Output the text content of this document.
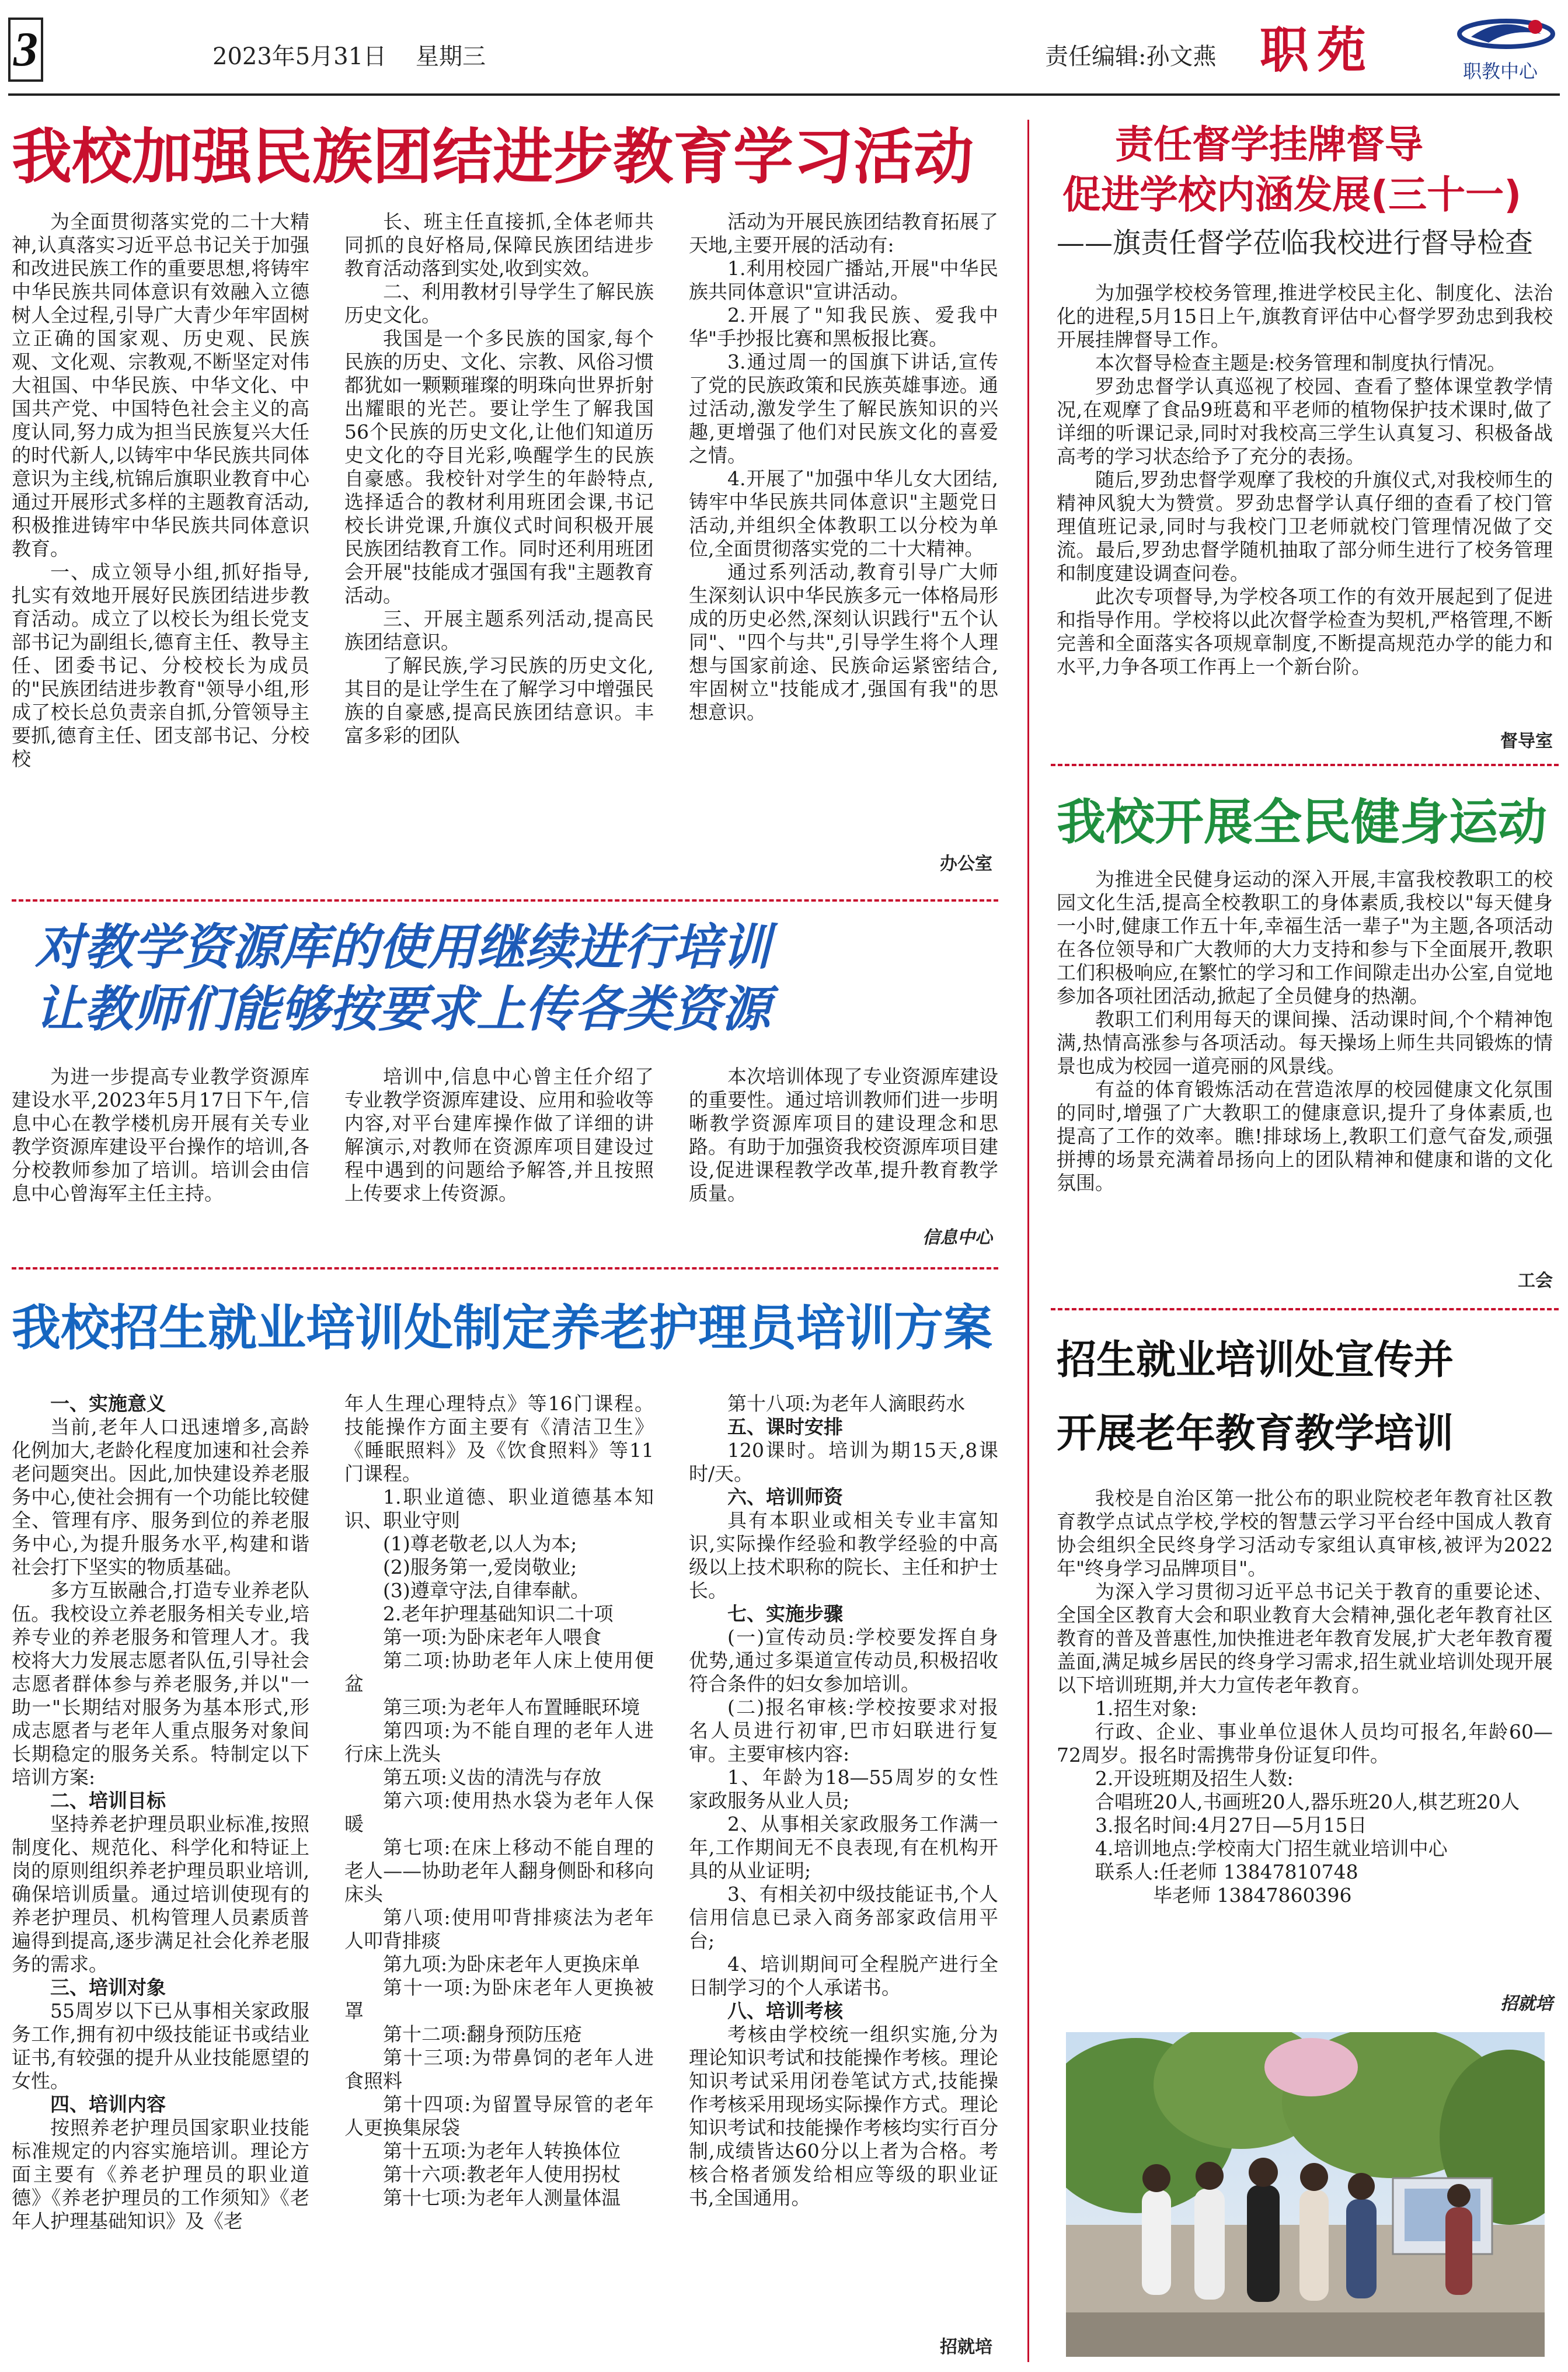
3	2023年5月31日 星期三	责任编辑:孙文燕 职苑	职教中心
我校加强民族团结进步教育学习活动

为全面贯彻落实党的二十大精神,认真落实习近平总书记关于加强和改进民族工作的重要思想,将铸牢中华民族共同体意识有效融入立德树人全过程,引导广大青少年牢固树立正确的国家观、历史观、民族观、文化观、宗教观,不断坚定对伟大祖国、中华民族、中华文化、中国共产党、中国特色社会主义的高度认同,努力成为担当民族复兴大任的时代新人,以铸牢中华民族共同体意识为主线,杭锦后旗职业教育中心通过开展形式多样的主题教育活动,积极推进铸牢中华民族共同体意识教育。

一、成立领导小组,抓好指导,扎实有效地开展好民族团结进步教育活动。成立了以校长为组长党支部书记为副组长,德育主任、教导主任、团委书记、分校校长为成员的"民族团结进步教育"领导小组,形成了校长总负责亲自抓,分管领导主要抓,德育主任、团支部书记、分校校

长、班主任直接抓,全体老师共同抓的良好格局,保障民族团结进步教育活动落到实处,收到实效。

二、利用教材引导学生了解民族历史文化。

我国是一个多民族的国家,每个民族的历史、文化、宗教、风俗习惯都犹如一颗颗璀璨的明珠向世界折射出耀眼的光芒。要让学生了解我国56个民族的历史文化,让他们知道历史文化的夺目光彩,唤醒学生的民族自豪感。我校针对学生的年龄特点,选择适合的教材利用班团会课,书记校长讲党课,升旗仪式时间积极开展民族团结教育工作。同时还利用班团会开展"技能成才强国有我"主题教育活动。

三、开展主题系列活动,提高民族团结意识。

了解民族,学习民族的历史文化,其目的是让学生在了解学习中增强民族的自豪感,提高民族团结意识。丰富多彩的团队

活动为开展民族团结教育拓展了天地,主要开展的活动有:

1.利用校园广播站,开展"中华民族共同体意识"宣讲活动。

2.开展了"知我民族、爱我中华"手抄报比赛和黑板报比赛。

3.通过周一的国旗下讲话,宣传了党的民族政策和民族英雄事迹。通过活动,激发学生了解民族知识的兴趣,更增强了他们对民族文化的喜爱之情。

4.开展了"加强中华儿女大团结,铸牢中华民族共同体意识"主题党日活动,并组织全体教职工以分校为单位,全面贯彻落实党的二十大精神。

通过系列活动,教育引导广大师生深刻认识中华民族多元一体格局形成的历史必然,深刻认识践行"五个认同"、"四个与共",引导学生将个人理想与国家前途、民族命运紧密结合,牢固树立"技能成才,强国有我"的思想意识。

办公室
对教学资源库的使用继续进行培训
让教师们能够按要求上传各类资源

为进一步提高专业教学资源库建设水平,2023年5月17日下午,信息中心在教学楼机房开展有关专业教学资源库建设平台操作的培训,各分校教师参加了培训。培训会由信息中心曾海军主任主持。

培训中,信息中心曾主任介绍了专业教学资源库建设、应用和验收等内容,对平台建库操作做了详细的讲解演示,对教师在资源库项目建设过程中遇到的问题给予解答,并且按照上传要求上传资源。

本次培训体现了专业资源库建设的重要性。通过培训教师们进一步明晰教学资源库项目的建设理念和思路。有助于加强资我校资源库项目建设,促进课程教学改革,提升教育教学质量。

信息中心
我校招生就业培训处制定养老护理员培训方案
一、实施意义

当前,老年人口迅速增多,高龄化例加大,老龄化程度加速和社会养老问题突出。因此,加快建设养老服务中心,使社会拥有一个功能比较健全、管理有序、服务到位的养老服务中心,为提升服务水平,构建和谐社会打下坚实的物质基础。

多方互嵌融合,打造专业养老队伍。我校设立养老服务相关专业,培养专业的养老服务和管理人才。我校将大力发展志愿者队伍,引导社会志愿者群体参与养老服务,并以"一助一"长期结对服务为基本形式,形成志愿者与老年人重点服务对象间长期稳定的服务关系。特制定以下培训方案:

二、培训目标

坚持养老护理员职业标准,按照制度化、规范化、科学化和特证上岗的原则组织养老护理员职业培训,确保培训质量。通过培训使现有的养老护理员、机构管理人员素质普遍得到提高,逐步满足社会化养老服务的需求。

三、培训对象

55周岁以下已从事相关家政服务工作,拥有初中级技能证书或结业证书,有较强的提升从业技能愿望的女性。

四、培训内容

按照养老护理员国家职业技能标准规定的内容实施培训。理论方面主要有《养老护理员的职业道德》《养老护理员的工作须知》《老年人护理基础知识》及《老

年人生理心理特点》等16门课程。技能操作方面主要有《清洁卫生》《睡眠照料》及《饮食照料》等11门课程。

1.职业道德、职业道德基本知识、职业守则

(1)尊老敬老,以人为本;

(2)服务第一,爱岗敬业;

(3)遵章守法,自律奉献。

2.老年护理基础知识二十项

第一项:为卧床老年人喂食

第二项:协助老年人床上使用便盆

第三项:为老年人布置睡眠环境

第四项:为不能自理的老年人进行床上洗头

第五项:义齿的清洗与存放

第六项:使用热水袋为老年人保暖

第七项:在床上移动不能自理的老人——协助老年人翻身侧卧和移向床头

第八项:使用叩背排痰法为老年人叩背排痰

第九项:为卧床老年人更换床单

第十一项:为卧床老年人更换被罩

第十二项:翻身预防压疮

第十三项:为带鼻饲的老年人进食照料

第十四项:为留置导尿管的老年人更换集尿袋

第十五项:为老年人转换体位

第十六项:教老年人使用拐杖

第十七项:为老年人测量体温

第十八项:为老年人滴眼药水

五、课时安排

120课时。培训为期15天,8课时/天。

六、培训师资

具有本职业或相关专业丰富知识,实际操作经验和教学经验的中高级以上技术职称的院长、主任和护士长。

七、实施步骤

(一)宣传动员:学校要发挥自身优势,通过多渠道宣传动员,积极招收符合条件的妇女参加培训。

(二)报名审核:学校按要求对报名人员进行初审,巴市妇联进行复审。主要审核内容:

1、年龄为18—55周岁的女性家政服务从业人员;

2、从事相关家政服务工作满一年,工作期间无不良表现,有在机构开具的从业证明;

3、有相关初中级技能证书,个人信用信息已录入商务部家政信用平台;

4、培训期间可全程脱产进行全日制学习的个人承诺书。

八、培训考核

考核由学校统一组织实施,分为理论知识考试和技能操作考核。理论知识考试采用闭卷笔试方式,技能操作考核采用现场实际操作方式。理论知识考试和技能操作考核均实行百分制,成绩皆达60分以上者为合格。考核合格者颁发给相应等级的职业证书,全国通用。

招就培
责任督学挂牌督导
促进学校内涵发展(三十一)
——旗责任督学莅临我校进行督导检查

为加强学校校务管理,推进学校民主化、制度化、法治化的进程,5月15日上午,旗教育评估中心督学罗劲忠到我校开展挂牌督导工作。

本次督导检查主题是:校务管理和制度执行情况。

罗劲忠督学认真巡视了校园、查看了整体课堂教学情况,在观摩了食品9班葛和平老师的植物保护技术课时,做了详细的听课记录,同时对我校高三学生认真复习、积极备战高考的学习状态给予了充分的表扬。

随后,罗劲忠督学观摩了我校的升旗仪式,对我校师生的精神风貌大为赞赏。罗劲忠督学认真仔细的查看了校门管理值班记录,同时与我校门卫老师就校门管理情况做了交流。最后,罗劲忠督学随机抽取了部分师生进行了校务管理和制度建设调查问卷。

此次专项督导,为学校各项工作的有效开展起到了促进和指导作用。学校将以此次督学检查为契机,严格管理,不断完善和全面落实各项规章制度,不断提高规范办学的能力和水平,力争各项工作再上一个新台阶。

督导室
我校开展全民健身运动

为推进全民健身运动的深入开展,丰富我校教职工的校园文化生活,提高全校教职工的身体素质,我校以"每天健身一小时,健康工作五十年,幸福生活一辈子"为主题,各项活动在各位领导和广大教师的大力支持和参与下全面展开,教职工们积极响应,在繁忙的学习和工作间隙走出办公室,自觉地参加各项社团活动,掀起了全员健身的热潮。

教职工们利用每天的课间操、活动课时间,个个精神饱满,热情高涨参与各项活动。每天操场上师生共同锻炼的情景也成为校园一道亮丽的风景线。

有益的体育锻炼活动在营造浓厚的校园健康文化氛围的同时,增强了广大教职工的健康意识,提升了身体素质,也提高了工作的效率。瞧!排球场上,教职工们意气奋发,顽强拼搏的场景充满着昂扬向上的团队精神和健康和谐的文化氛围。

工会
招生就业培训处宣传并
开展老年教育教学培训

我校是自治区第一批公布的职业院校老年教育社区教育教学点试点学校,学校的智慧云学习平台经中国成人教育协会组织全民终身学习活动专家组认真审核,被评为2022年"终身学习品牌项目"。

为深入学习贯彻习近平总书记关于教育的重要论述、全国全区教育大会和职业教育大会精神,强化老年教育社区教育的普及普惠性,加快推进老年教育发展,扩大老年教育覆盖面,满足城乡居民的终身学习需求,招生就业培训处现开展以下培训班期,并大力宣传老年教育。

1.招生对象:

行政、企业、事业单位退休人员均可报名,年龄60—72周岁。报名时需携带身份证复印件。

2.开设班期及招生人数:

合唱班20人,书画班20人,器乐班20人,棋艺班20人

3.报名时间:4月27日—5月15日

4.培训地点:学校南大门招生就业培训中心

联系人:任老师 13847810748

毕老师 13847860396

招就培
